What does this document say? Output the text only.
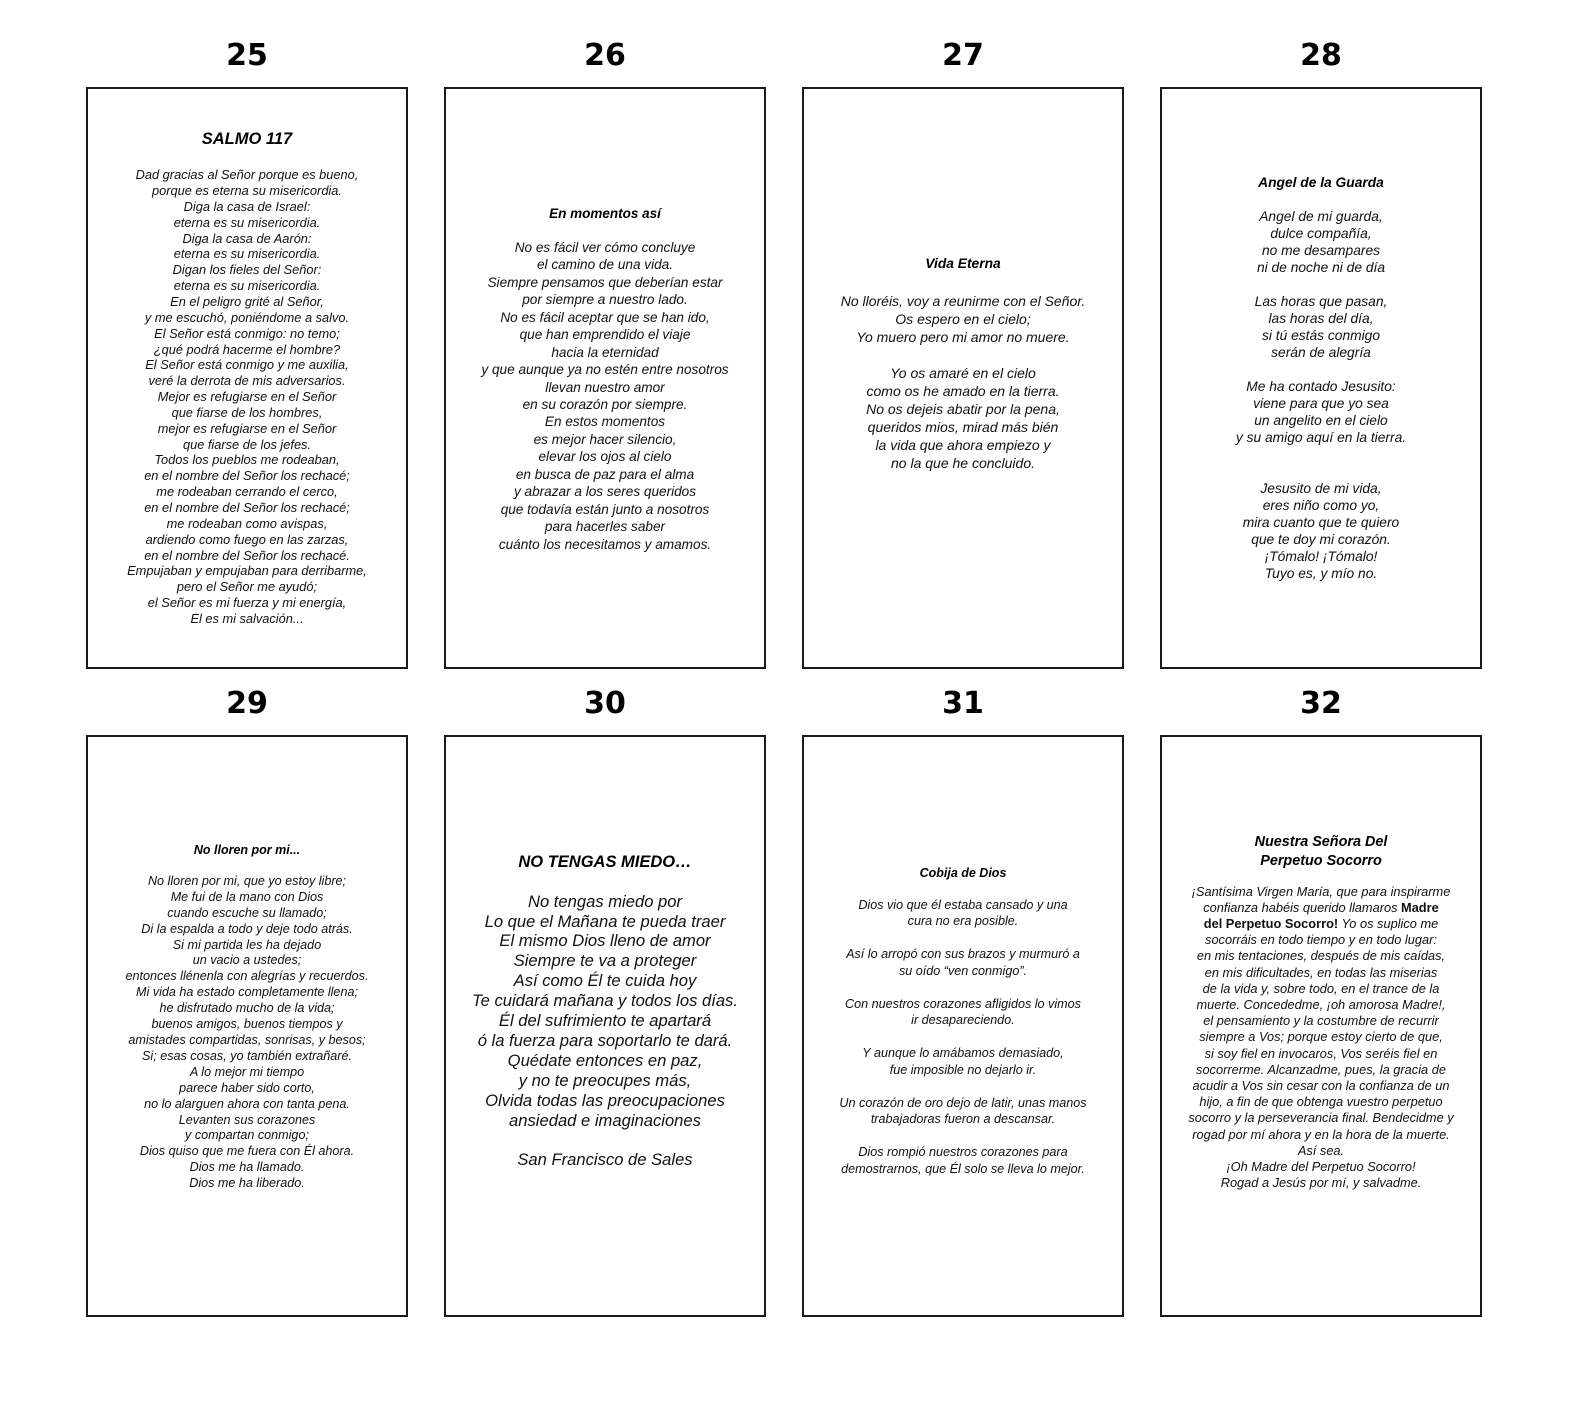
25
SALMO 117
Dad gracias al Señor porque es bueno,
porque es eterna su misericordia.
Diga la casa de Israel:
eterna es su misericordia.
Diga la casa de Aarón:
eterna es su misericordia.
Digan los fieles del Señor:
eterna es su misericordia.
En el peligro grité al Señor,
y me escuchó, poniéndome a salvo.
El Señor está conmigo: no temo;
¿qué podrá hacerme el hombre?
El Señor está conmigo y me auxilia,
veré la derrota de mis adversarios.
Mejor es refugiarse en el Señor
que fiarse de los hombres,
mejor es refugiarse en el Señor
que fiarse de los jefes.
Todos los pueblos me rodeaban,
en el nombre del Señor los rechacé;
me rodeaban cerrando el cerco,
en el nombre del Señor los rechacé;
me rodeaban como avispas,
ardiendo como fuego en las zarzas,
en el nombre del Señor los rechacé.
Empujaban y empujaban para derribarme,
pero el Señor me ayudó;
el Señor es mi fuerza y mi energía,
El es mi salvación...
26
En momentos así
No es fácil ver cómo concluye
el camino de una vida.
Siempre pensamos que deberían estar
por siempre a nuestro lado.
No es fácil aceptar que se han ido,
que han emprendido el viaje
hacia la eternidad
y que aunque ya no estén entre nosotros
llevan nuestro amor
en su corazón por siempre.
En estos momentos
es mejor hacer silencio,
elevar los ojos al cielo
en busca de paz para el alma
y abrazar a los seres queridos
que todavía están junto a nosotros
para hacerles saber
cuánto los necesitamos y amamos.
27
Vida Eterna
No lloréis, voy a reunirme con el Señor.
Os espero en el cielo;
Yo muero pero mi amor no muere.

Yo os amaré en el cielo
como os he amado en la tierra.
No os dejeis abatir por la pena,
queridos mios, mirad más bién
la vida que ahora empiezo y
no la que he concluido.
28
Angel de la Guarda
Angel de mi guarda,
dulce compañía,
no me desampares
ni de noche ni de día

Las horas que pasan,
las horas del día,
si tú estás conmigo
serán de alegría

Me ha contado Jesusito:
viene para que yo sea
un angelito en el cielo
y su amigo aquí en la tierra.

Jesusito de mi vida,
eres niño como yo,
mira cuanto que te quiero
que te doy mi corazón.
¡Tómalo! ¡Tómalo!
Tuyo es, y mío no.
29
No lloren por mi...
No lloren por mi, que yo estoy libre;
Me fui de la mano con Dios
cuando escuche su llamado;
Di la espalda a todo y deje todo atrás.
Si mi partida les ha dejado
un vacio a ustedes;
entonces llénenla con alegrías y recuerdos.
Mi vida ha estado completamente llena;
he disfrutado mucho de la vida;
buenos amigos, buenos tiempos y
amistades compartidas, sonrisas, y besos;
Si; esas cosas, yo también extrañaré.
A lo mejor mi tiempo
parece haber sido corto,
no lo alarguen ahora con tanta pena.
Levanten sus corazones
y compartan conmigo;
Dios quiso que me fuera con Él ahora.
Dios me ha llamado.
Dios me ha liberado.
30
NO TENGAS MIEDO…
No tengas miedo por
Lo que el Mañana te pueda traer
El mismo Dios lleno de amor
Siempre te va a proteger
Así como Él te cuida hoy
Te cuidará mañana y todos los días.
Él del sufrimiento te apartará
ó la fuerza para soportarlo te dará.
Quédate entonces en paz,
y no te preocupes más,
Olvida todas las preocupaciones
ansiedad e imaginaciones

San Francisco de Sales
31
Cobija de Dios
Dios vio que él estaba cansado y una
cura no era posible.

Así lo arropó con sus brazos y murmuró a
su oído “ven conmigo”.

Con nuestros corazones afligidos lo vimos
ir desapareciendo.

Y aunque lo amábamos demasiado,
fue imposible no dejarlo ir.

Un corazón de oro dejo de latir, unas manos
trabajadoras fueron a descansar.

Dios rompió nuestros corazones para
demostrarnos, que Él solo se lleva lo mejor.
32
Nuestra Señora Del
Perpetuo Socorro
¡Santísima Virgen María, que para inspirarme
confianza habéis querido llamaros Madre
del Perpetuo Socorro! Yo os suplico me
socorráis en todo tiempo y en todo lugar:
en mis tentaciones, después de mis caídas,
en mis dificultades, en todas las miserias
de la vida y, sobre todo, en el trance de la
muerte. Concededme, ¡oh amorosa Madre!,
el pensamiento y la costumbre de recurrir
siempre a Vos; porque estoy cierto de que,
si soy fiel en invocaros, Vos seréis fiel en
socorrerme. Alcanzadme, pues, la gracia de
acudir a Vos sin cesar con la confianza de un
hijo, a fin de que obtenga vuestro perpetuo
socorro y la perseverancia final. Bendecidme y
rogad por mí ahora y en la hora de la muerte.
Así sea.
¡Oh Madre del Perpetuo Socorro!
Rogad a Jesús por mí, y salvadme.
